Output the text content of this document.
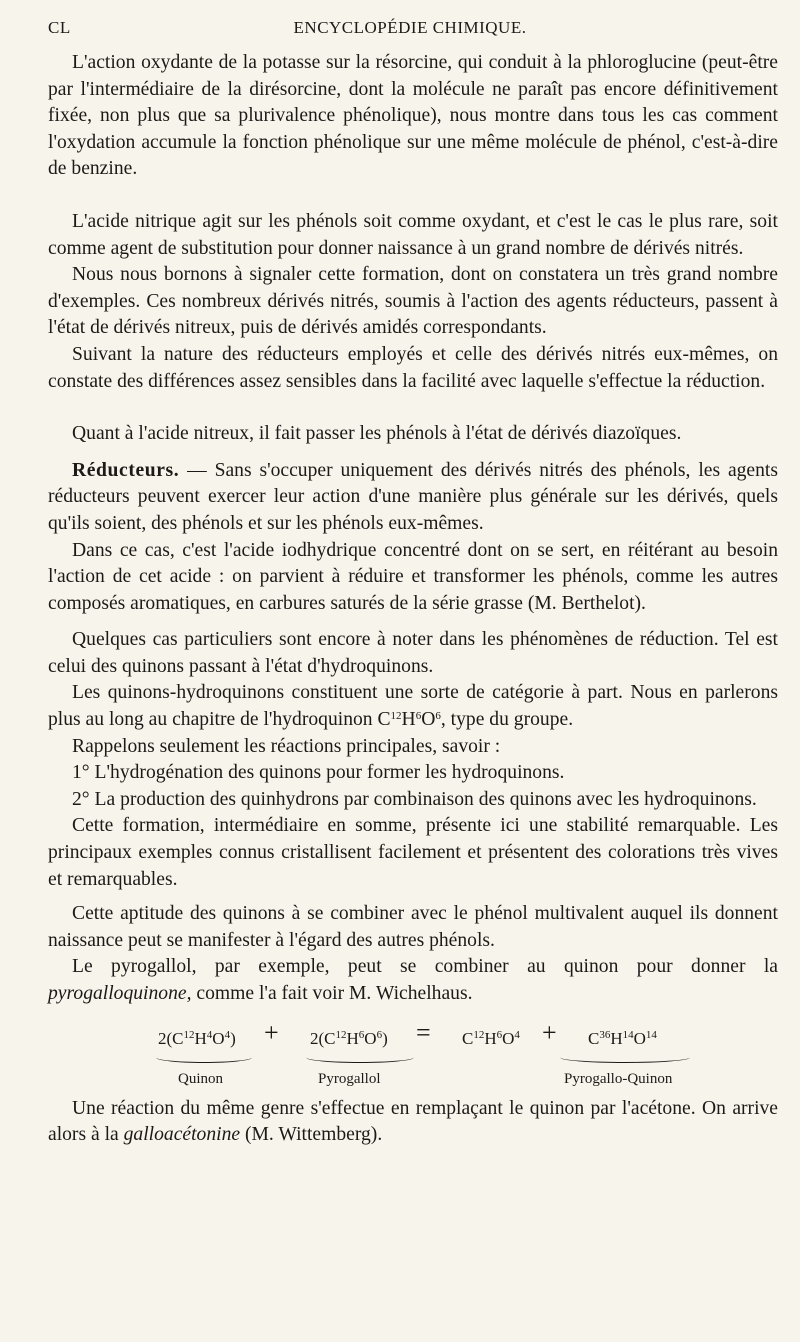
CL	ENCYCLOPÉDIE CHIMIQUE.

L'action oxydante de la potasse sur la résorcine, qui conduit à la phloroglucine (peut-être par l'intermédiaire de la dirésorcine, dont la molécule ne paraît pas encore définitivement fixée, non plus que sa plurivalence phénolique), nous montre dans tous les cas comment l'oxydation accumule la fonction phénolique sur une même molécule de phénol, c'est-à-dire de benzine.

L'acide nitrique agit sur les phénols soit comme oxydant, et c'est le cas le plus rare, soit comme agent de substitution pour donner naissance à un grand nombre de dérivés nitrés.

Nous nous bornons à signaler cette formation, dont on constatera un très grand nombre d'exemples. Ces nombreux dérivés nitrés, soumis à l'action des agents réducteurs, passent à l'état de dérivés nitreux, puis de dérivés amidés correspondants.

Suivant la nature des réducteurs employés et celle des dérivés nitrés eux-mêmes, on constate des différences assez sensibles dans la facilité avec laquelle s'effectue la réduction.

Quant à l'acide nitreux, il fait passer les phénols à l'état de dérivés diazoïques.

Réducteurs. — Sans s'occuper uniquement des dérivés nitrés des phénols, les agents réducteurs peuvent exercer leur action d'une manière plus générale sur les dérivés, quels qu'ils soient, des phénols et sur les phénols eux-mêmes.

Dans ce cas, c'est l'acide iodhydrique concentré dont on se sert, en réitérant au besoin l'action de cet acide : on parvient à réduire et transformer les phénols, comme les autres composés aromatiques, en carbures saturés de la série grasse (M. Berthelot).

Quelques cas particuliers sont encore à noter dans les phénomènes de réduction. Tel est celui des quinons passant à l'état d'hydroquinons.

Les quinons-hydroquinons constituent une sorte de catégorie à part. Nous en parlerons plus au long au chapitre de l'hydroquinon $C^{12}H^6O^6$, type du groupe.

Rappelons seulement les réactions principales, savoir :

1° L'hydrogénation des quinons pour former les hydroquinons.

2° La production des quinhydrons par combinaison des quinons avec les hydroquinons.

Cette formation, intermédiaire en somme, présente ici une stabilité remarquable. Les principaux exemples connus cristallisent facilement et présentent des colorations très vives et remarquables.

Cette aptitude des quinons à se combiner avec le phénol multivalent auquel ils donnent naissance peut se manifester à l'égard des autres phénols.

Le pyrogallol, par exemple, peut se combiner au quinon pour donner la pyrogalloquinone, comme l'a fait voir M. Wichelhaus.

$2(C^{12}H^4O^4) + 2(C^{12}H^6O^6) = C^{12}H^6O^4 + C^{36}H^{14}O^{14}$
Quinon	Pyrogallol	Pyrogallo-Quinon

Une réaction du même genre s'effectue en remplaçant le quinon par l'acétone. On arrive alors à la galloacétonine (M. Wittemberg).
